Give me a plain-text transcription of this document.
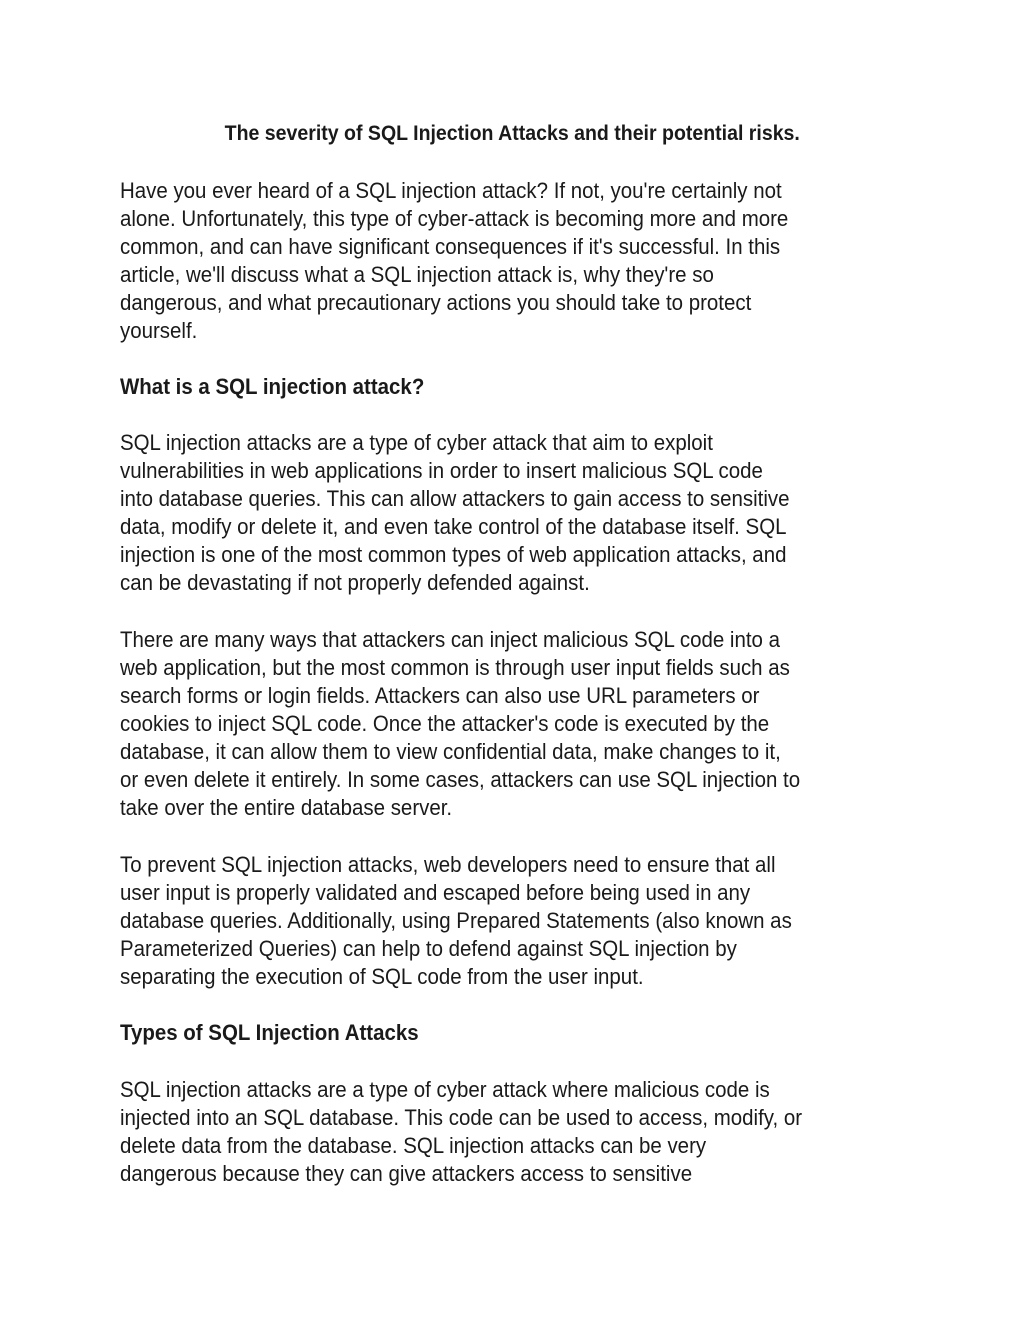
The severity of SQL Injection Attacks and their potential risks.
Have you ever heard of a SQL injection attack? If not, you're certainly not
alone. Unfortunately, this type of cyber-attack is becoming more and more
common, and can have significant consequences if it's successful. In this
article, we'll discuss what a SQL injection attack is, why they're so
dangerous, and what precautionary actions you should take to protect
yourself.
What is a SQL injection attack?
SQL injection attacks are a type of cyber attack that aim to exploit
vulnerabilities in web applications in order to insert malicious SQL code
into database queries. This can allow attackers to gain access to sensitive
data, modify or delete it, and even take control of the database itself. SQL
injection is one of the most common types of web application attacks, and
can be devastating if not properly defended against.
There are many ways that attackers can inject malicious SQL code into a
web application, but the most common is through user input fields such as
search forms or login fields. Attackers can also use URL parameters or
cookies to inject SQL code. Once the attacker's code is executed by the
database, it can allow them to view confidential data, make changes to it,
or even delete it entirely. In some cases, attackers can use SQL injection to
take over the entire database server.
To prevent SQL injection attacks, web developers need to ensure that all
user input is properly validated and escaped before being used in any
database queries. Additionally, using Prepared Statements (also known as
Parameterized Queries) can help to defend against SQL injection by
separating the execution of SQL code from the user input.
Types of SQL Injection Attacks
SQL injection attacks are a type of cyber attack where malicious code is
injected into an SQL database. This code can be used to access, modify, or
delete data from the database. SQL injection attacks can be very
dangerous because they can give attackers access to sensitive
